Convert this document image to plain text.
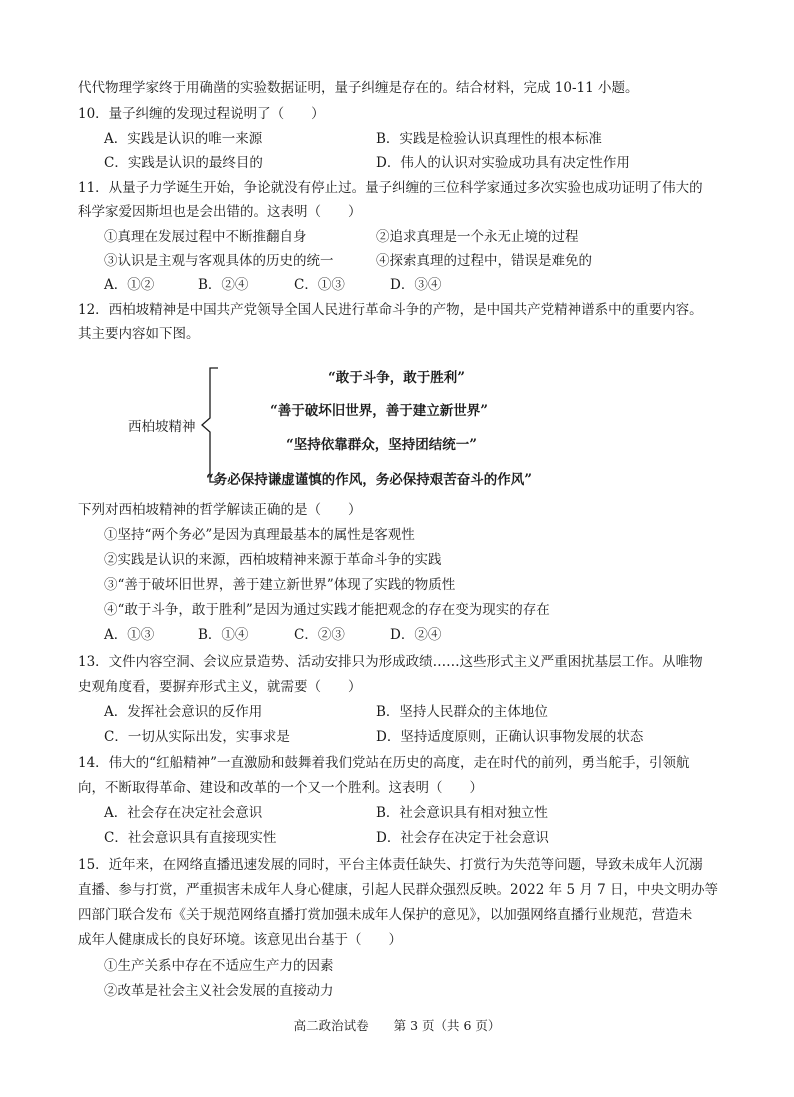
代代物理学家终于用确凿的实验数据证明，量子纠缠是存在的。结合材料，完成 10-11 小题。
10．量子纠缠的发现过程说明了（　　）
A．实践是认识的唯一来源	B．实践是检验认识真理性的根本标准
C．实践是认识的最终目的	D．伟人的认识对实验成功具有决定性作用
11．从量子力学诞生开始，争论就没有停止过。量子纠缠的三位科学家通过多次实验也成功证明了伟大的
科学家爱因斯坦也是会出错的。这表明（　　）
①真理在发展过程中不断推翻自身	②追求真理是一个永无止境的过程
③认识是主观与客观具体的历史的统一	④探索真理的过程中，错误是难免的
A．①②	B．②④	C．①③	D．③④
12．西柏坡精神是中国共产党领导全国人民进行革命斗争的产物，是中国共产党精神谱系中的重要内容。
其主要内容如下图。
西柏坡精神
“敢于斗争，敢于胜利”
“善于破坏旧世界，善于建立新世界”
“坚持依靠群众，坚持团结统一”
“务必保持谦虚谨慎的作风，务必保持艰苦奋斗的作风”
下列对西柏坡精神的哲学解读正确的是（　　）
①坚持“两个务必”是因为真理最基本的属性是客观性
②实践是认识的来源，西柏坡精神来源于革命斗争的实践
③“善于破坏旧世界，善于建立新世界”体现了实践的物质性
④“敢于斗争，敢于胜利”是因为通过实践才能把观念的存在变为现实的存在
A．①③	B．①④	C．②③	D．②④
13．文件内容空洞、会议应景造势、活动安排只为形成政绩……这些形式主义严重困扰基层工作。从唯物
史观角度看，要摒弃形式主义，就需要（　　）
A．发挥社会意识的反作用	B．坚持人民群众的主体地位
C．一切从实际出发，实事求是	D．坚持适度原则，正确认识事物发展的状态
14．伟大的“红船精神”一直激励和鼓舞着我们党站在历史的高度，走在时代的前列，勇当舵手，引领航
向，不断取得革命、建设和改革的一个又一个胜利。这表明（　　）
A．社会存在决定社会意识	B．社会意识具有相对独立性
C．社会意识具有直接现实性	D．社会存在决定于社会意识
15．近年来，在网络直播迅速发展的同时，平台主体责任缺失、打赏行为失范等问题，导致未成年人沉溺
直播、参与打赏，严重损害未成年人身心健康，引起人民群众强烈反映。2022 年 5 月 7 日，中央文明办等
四部门联合发布《关于规范网络直播打赏加强未成年人保护的意见》，以加强网络直播行业规范，营造未
成年人健康成长的良好环境。该意见出台基于（　　）
①生产关系中存在不适应生产力的因素
②改革是社会主义社会发展的直接动力
高二政治试卷　　第 3 页（共 6 页）
